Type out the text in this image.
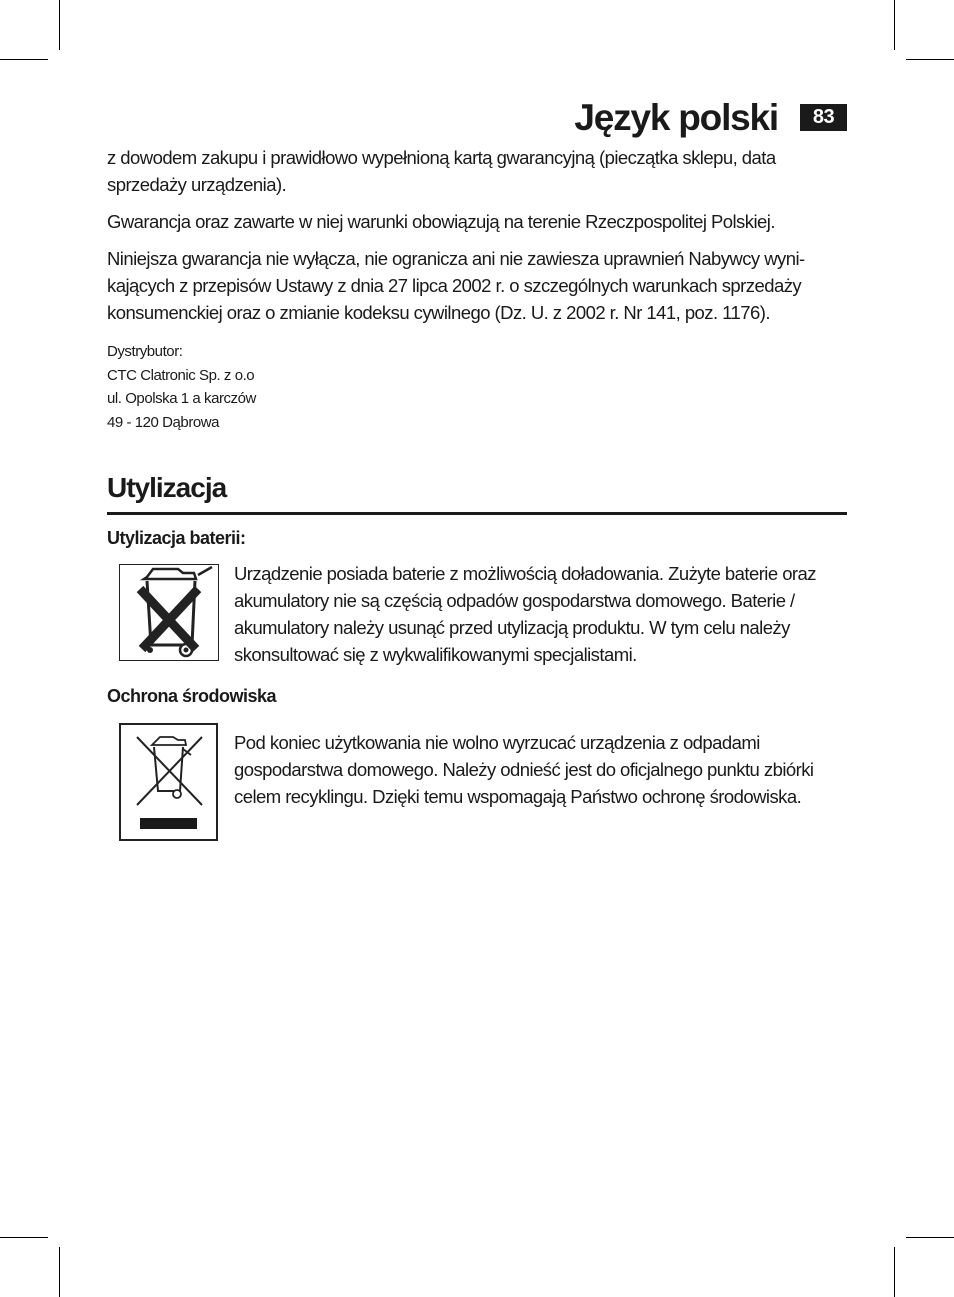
Język polski	83

z dowodem zakupu i prawidłowo wypełnioną kartą gwarancyjną (pieczątka sklepu, data sprzedaży urządzenia).

Gwarancja oraz zawarte w niej warunki obowiązują na terenie Rzeczpospolitej Polskiej.

Niniejsza gwarancja nie wyłącza, nie ogranicza ani nie zawiesza uprawnień Nabywcy wyni-kających z przepisów Ustawy z dnia 27 lipca 2002 r. o szczególnych warunkach sprzedaży konsumenckiej oraz o zmianie kodeksu cywilnego (Dz. U. z 2002 r. Nr 141, poz. 1176).

Dystrybutor:
CTC Clatronic Sp. z o.o
ul. Opolska 1 a karczów
49 - 120 Dąbrowa
Utylizacja
Utylizacja baterii:
Urządzenie posiada baterie z możliwością doładowania. Zużyte baterie oraz akumulatory nie są częścią odpadów gospodarstwa domowego. Baterie / akumulatory należy usunąć przed utylizacją produktu. W tym celu należy skonsultować się z wykwalifikowanymi specjalistami.
Ochrona środowiska
Pod koniec użytkowania nie wolno wyrzucać urządzenia z odpadami gospodarstwa domowego. Należy odnieść jest do oficjalnego punktu zbiórki celem recyklingu. Dzięki temu wspomagają Państwo ochronę środowiska.
